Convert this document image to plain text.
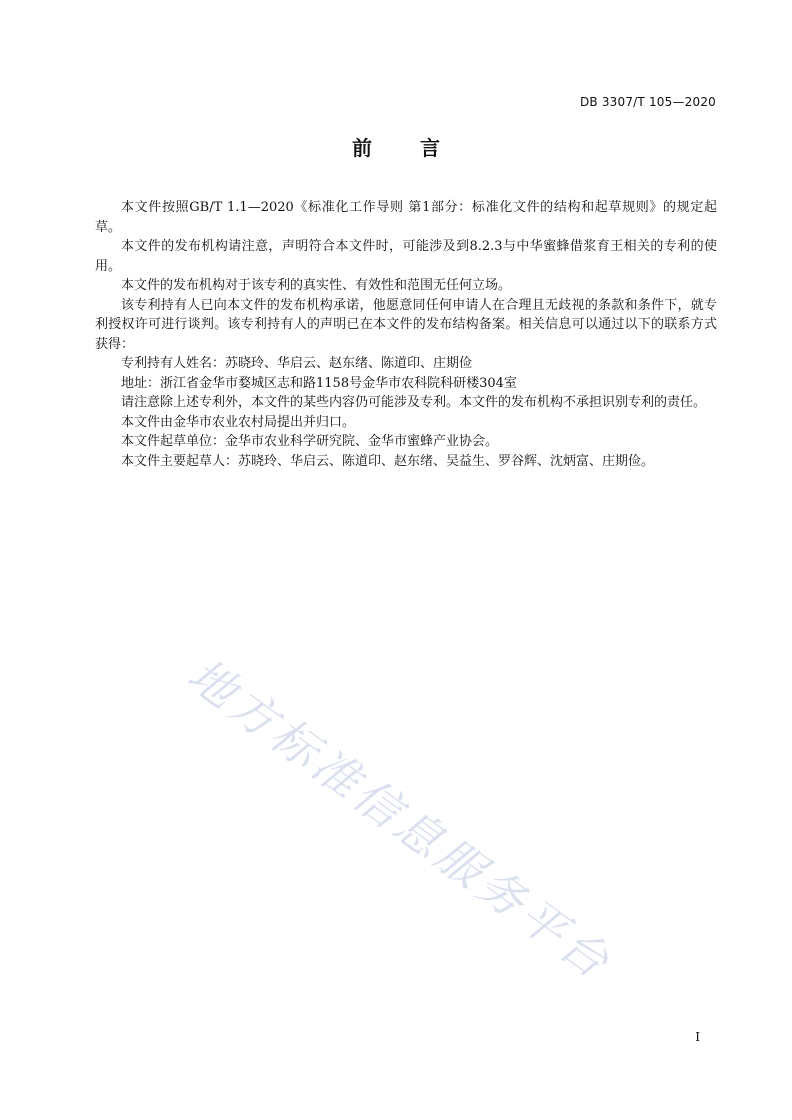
DB 3307/T 105—2020
前 言

本文件按照GB/T 1.1—2020《标准化工作导则 第1部分：标准化文件的结构和起草规则》的规定起草。

本文件的发布机构请注意，声明符合本文件时，可能涉及到8.2.3与中华蜜蜂借浆育王相关的专利的使用。

本文件的发布机构对于该专利的真实性、有效性和范围无任何立场。

该专利持有人已向本文件的发布机构承诺，他愿意同任何申请人在合理且无歧视的条款和条件下，就专利授权许可进行谈判。该专利持有人的声明已在本文件的发布结构备案。相关信息可以通过以下的联系方式获得：

专利持有人姓名：苏晓玲、华启云、赵东绪、陈道印、庄期俭

地址：浙江省金华市婺城区志和路1158号金华市农科院科研楼304室

请注意除上述专利外，本文件的某些内容仍可能涉及专利。本文件的发布机构不承担识别专利的责任。

本文件由金华市农业农村局提出并归口。

本文件起草单位：金华市农业科学研究院、金华市蜜蜂产业协会。

本文件主要起草人：苏晓玲、华启云、陈道印、赵东绪、吴益生、罗谷辉、沈炳富、庄期俭。

地方标准信息服务平台
I
